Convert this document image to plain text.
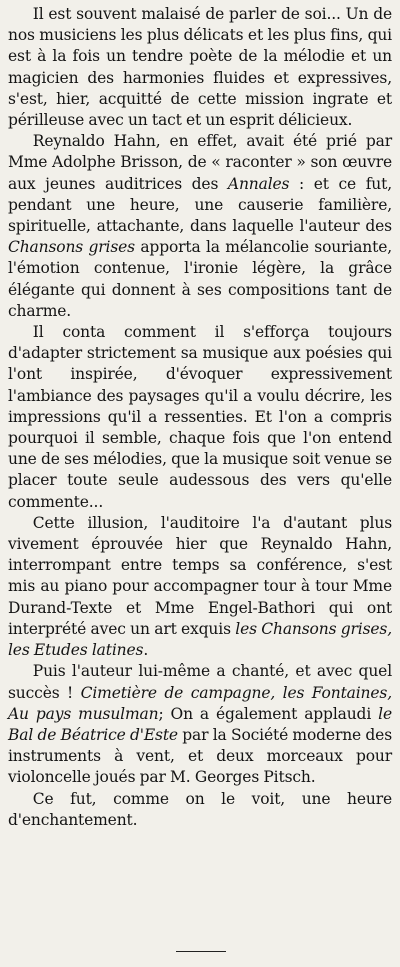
Il est souvent malaisé de parler de soi... Un de nos musiciens les plus délicats et les plus fins, qui est à la fois un tendre poète de la mélodie et un magicien des harmonies fluides et expressives, s'est, hier, acquitté de cette mission ingrate et périlleuse avec un tact et un esprit délicieux.

Reynaldo Hahn, en effet, avait été prié par Mme Adolphe Brisson, de « raconter » son œuvre aux jeunes auditrices des Annales : et ce fut, pendant une heure, une causerie familière, spirituelle, attachante, dans laquelle l'auteur des Chansons grises apporta la mélancolie souriante, l'émotion contenue, l'ironie légère, la grâce élégante qui donnent à ses compositions tant de charme.

Il conta comment il s'efforça toujours d'adapter strictement sa musique aux poésies qui l'ont inspirée, d'évoquer expressivement l'ambiance des paysages qu'il a voulu décrire, les impressions qu'il a ressenties. Et l'on a compris pourquoi il semble, chaque fois que l'on entend une de ses mélodies, que la musique soit venue se placer toute seule audessous des vers qu'elle commente...

Cette illusion, l'auditoire l'a d'autant plus vivement éprouvée hier que Reynaldo Hahn, interrompant entre temps sa conférence, s'est mis au piano pour accompagner tour à tour Mme Durand-Texte et Mme Engel-Bathori qui ont interprété avec un art exquis les Chansons grises, les Etudes latines.

Puis l'auteur lui-même a chanté, et avec quel succès ! Cimetière de campagne, les Fontaines, Au pays musulman; On a également applaudi le Bal de Béatrice d'Este par la Société moderne des instruments à vent, et deux morceaux pour violoncelle joués par M. Georges Pitsch.

Ce fut, comme on le voit, une heure d'enchantement.
